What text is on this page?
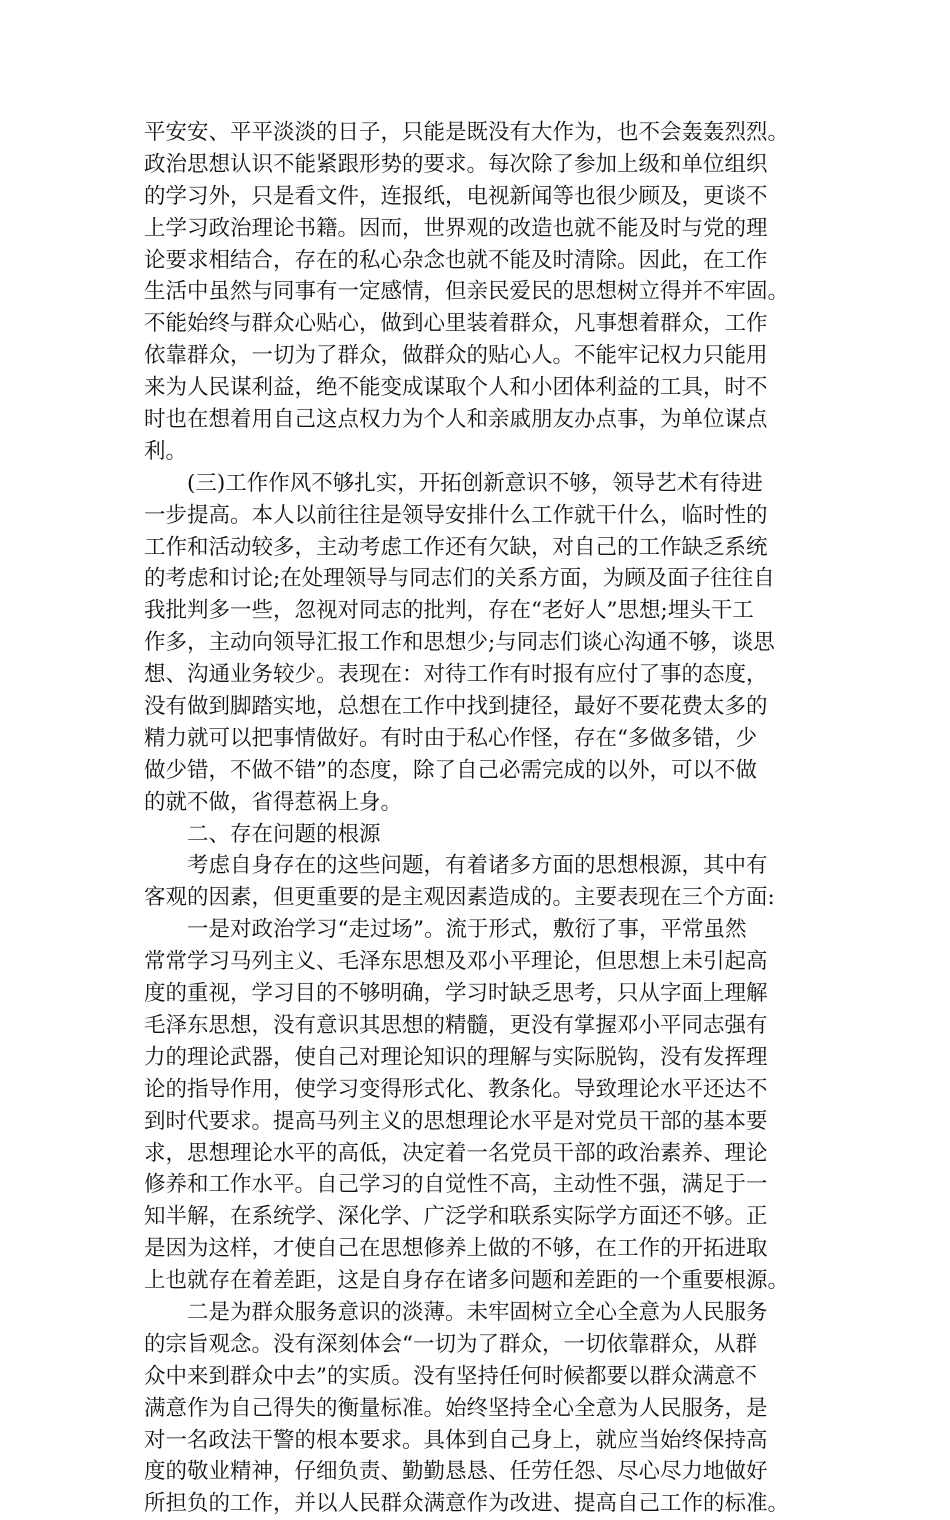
平安安、平平淡淡的日子，只能是既没有大作为，也不会轰轰烈烈。
政治思想认识不能紧跟形势的要求。每次除了参加上级和单位组织
的学习外，只是看文件，连报纸，电视新闻等也很少顾及，更谈不
上学习政治理论书籍。因而，世界观的改造也就不能及时与党的理
论要求相结合，存在的私心杂念也就不能及时清除。因此，在工作
生活中虽然与同事有一定感情，但亲民爱民的思想树立得并不牢固。
不能始终与群众心贴心，做到心里装着群众，凡事想着群众，工作
依靠群众，一切为了群众，做群众的贴心人。不能牢记权力只能用
来为人民谋利益，绝不能变成谋取个人和小团体利益的工具，时不
时也在想着用自己这点权力为个人和亲戚朋友办点事，为单位谋点
利。
(三)工作作风不够扎实，开拓创新意识不够，领导艺术有待进
一步提高。本人以前往往是领导安排什么工作就干什么，临时性的
工作和活动较多，主动考虑工作还有欠缺，对自己的工作缺乏系统
的考虑和讨论;在处理领导与同志们的关系方面，为顾及面子往往自
我批判多一些，忽视对同志的批判，存在“老好人”思想;埋头干工
作多，主动向领导汇报工作和思想少;与同志们谈心沟通不够，谈思
想、沟通业务较少。表现在：对待工作有时报有应付了事的态度，
没有做到脚踏实地，总想在工作中找到捷径，最好不要花费太多的
精力就可以把事情做好。有时由于私心作怪，存在“多做多错，少
做少错，不做不错”的态度，除了自己必需完成的以外，可以不做
的就不做，省得惹祸上身。
二、存在问题的根源
考虑自身存在的这些问题，有着诸多方面的思想根源，其中有
客观的因素，但更重要的是主观因素造成的。主要表现在三个方面:
一是对政治学习“走过场”。流于形式，敷衍了事，平常虽然
常常学习马列主义、毛泽东思想及邓小平理论，但思想上未引起高
度的重视，学习目的不够明确，学习时缺乏思考，只从字面上理解
毛泽东思想，没有意识其思想的精髓，更没有掌握邓小平同志强有
力的理论武器，使自己对理论知识的理解与实际脱钩，没有发挥理
论的指导作用，使学习变得形式化、教条化。导致理论水平还达不
到时代要求。提高马列主义的思想理论水平是对党员干部的基本要
求，思想理论水平的高低，决定着一名党员干部的政治素养、理论
修养和工作水平。自己学习的自觉性不高，主动性不强，满足于一
知半解，在系统学、深化学、广泛学和联系实际学方面还不够。正
是因为这样，才使自己在思想修养上做的不够，在工作的开拓进取
上也就存在着差距，这是自身存在诸多问题和差距的一个重要根源。
二是为群众服务意识的淡薄。未牢固树立全心全意为人民服务
的宗旨观念。没有深刻体会“一切为了群众，一切依靠群众，从群
众中来到群众中去”的实质。没有坚持任何时候都要以群众满意不
满意作为自己得失的衡量标准。始终坚持全心全意为人民服务，是
对一名政法干警的根本要求。具体到自己身上，就应当始终保持高
度的敬业精神，仔细负责、勤勤恳恳、任劳任怨、尽心尽力地做好
所担负的工作，并以人民群众满意作为改进、提高自己工作的标准。
